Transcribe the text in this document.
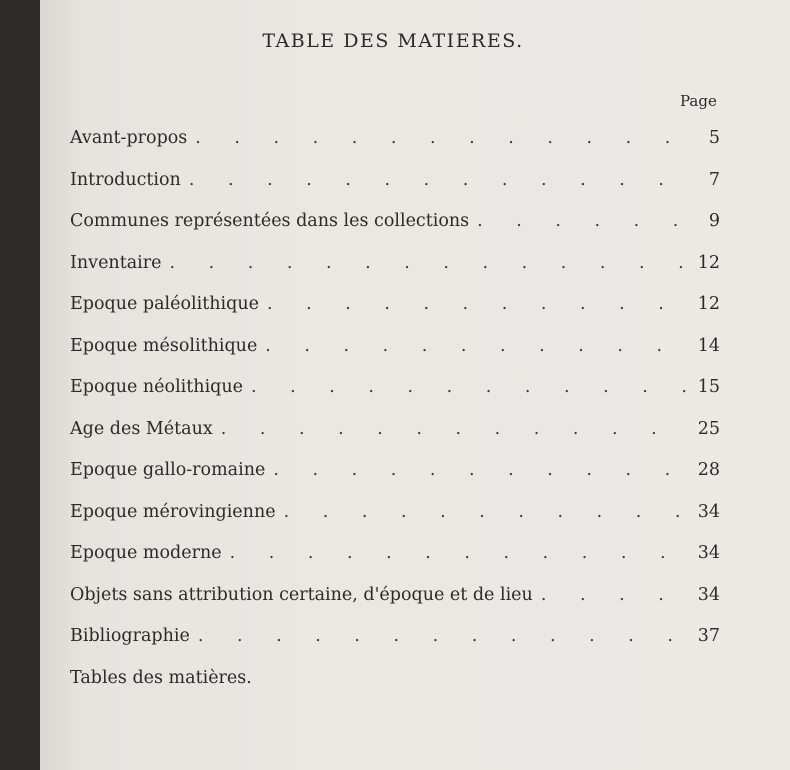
TABLE DES MATIERES.
Page
Avant-propos . . .	5
Introduction . . .	7
Communes représentées dans les collections . . .	9
Inventaire . . .	12
Epoque paléolithique . . .	12
Epoque mésolithique . . .	14
Epoque néolithique . . .	15
Age des Métaux . . .	25
Epoque gallo-romaine . . .	28
Epoque mérovingienne . . .	34
Epoque moderne . . .	34
Objets sans attribution certaine, d'époque et de lieu . . .	34
Bibliographie . . .	37
Tables des matières.
